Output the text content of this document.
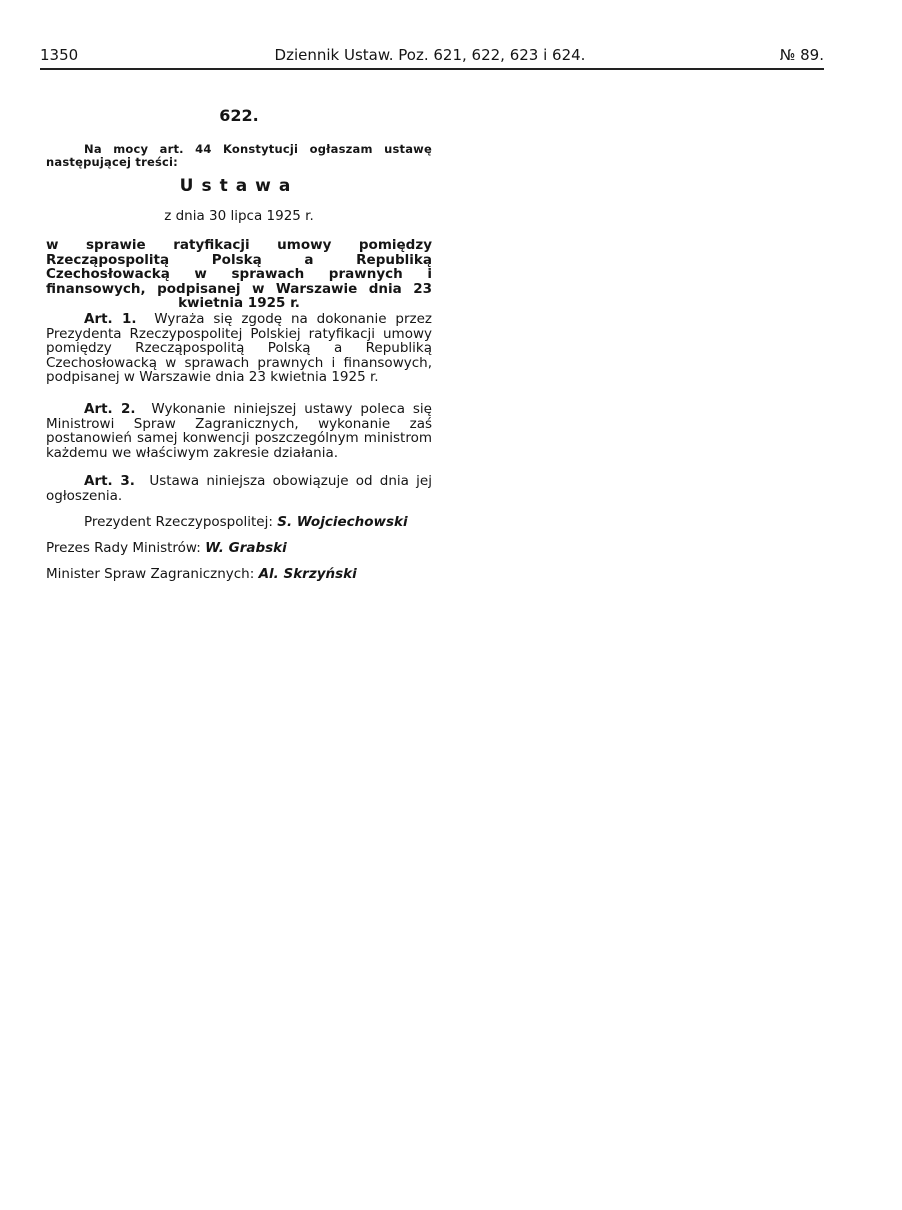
1350	Dziennik Ustaw. Poz. 621, 622, 623 i 624.	№ 89.
622.
Na mocy art. 44 Konstytucji ogłaszam ustawę następującej treści:
Ustawa
z dnia 30 lipca 1925 r.
w sprawie ratyfikacji umowy pomiędzy Rzecząpospolitą Polską a Republiką Czechosłowacką w sprawach prawnych i finansowych, podpisanej w Warszawie dnia 23 kwietnia 1925 r.
Art. 1. Wyraża się zgodę na dokonanie przez Prezydenta Rzeczypospolitej Polskiej ratyfikacji umowy pomiędzy Rzecząpospolitą Polską a Republiką Czechosłowacką w sprawach prawnych i finansowych, podpisanej w Warszawie dnia 23 kwietnia 1925 r.
Art. 2. Wykonanie niniejszej ustawy poleca się Ministrowi Spraw Zagranicznych, wykonanie zaś postanowień samej konwencji poszczególnym ministrom każdemu we właściwym zakresie działania.
Art. 3. Ustawa niniejsza obowiązuje od dnia jej ogłoszenia.
Prezydent Rzeczypospolitej: S. Wojciechowski
Prezes Rady Ministrów: W. Grabski
Minister Spraw Zagranicznych: Al. Skrzyński
